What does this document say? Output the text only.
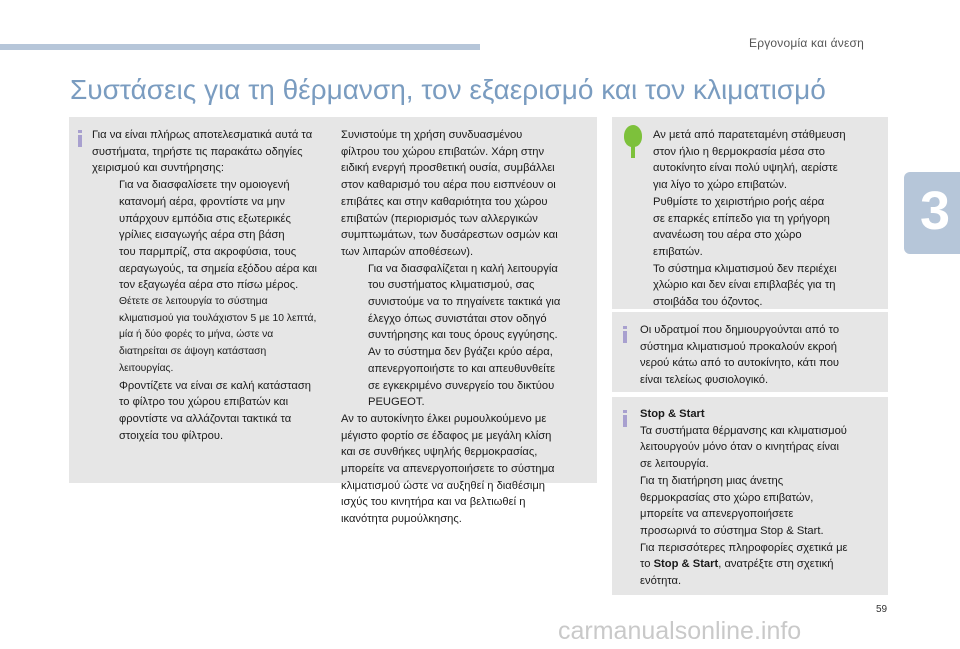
Εργονομία και άνεση
Συστάσεις για τη θέρμανση, τον εξαερισμό και τον κλιματισμό
3

Για να είναι πλήρως αποτελεσματικά αυτά τα

συστήματα, τηρήστε τις παρακάτω οδηγίες

χειρισμού και συντήρησης:

Για να διασφαλίσετε την ομοιογενή

κατανομή αέρα, φροντίστε να μην

υπάρχουν εμπόδια στις εξωτερικές

γρίλιες εισαγωγής αέρα στη βάση

του παρμπρίζ, στα ακροφύσια, τους

αεραγωγούς, τα σημεία εξόδου αέρα και

τον εξαγωγέα αέρα στο πίσω μέρος.

Θέτετε σε λειτουργία το σύστημα

κλιματισμού για τουλάχιστον 5 με 10 λεπτά,

μία ή δύο φορές το μήνα, ώστε να

διατηρείται σε άψογη κατάσταση

λειτουργίας.

Φροντίζετε να είναι σε καλή κατάσταση

το φίλτρο του χώρου επιβατών και

φροντίστε να αλλάζονται τακτικά τα

στοιχεία του φίλτρου.

Συνιστούμε τη χρήση συνδυασμένου

φίλτρου του χώρου επιβατών. Χάρη στην

ειδική ενεργή προσθετική ουσία, συμβάλλει

στον καθαρισμό του αέρα που εισπνέουν οι

επιβάτες και στην καθαριότητα του χώρου

επιβατών (περιορισμός των αλλεργικών

συμπτωμάτων, των δυσάρεστων οσμών και

των λιπαρών αποθέσεων).

Για να διασφαλίζεται η καλή λειτουργία

του συστήματος κλιματισμού, σας

συνιστούμε να το πηγαίνετε τακτικά για

έλεγχο όπως συνιστάται στον οδηγό

συντήρησης και τους όρους εγγύησης.

Αν το σύστημα δεν βγάζει κρύο αέρα,

απενεργοποιήστε το και απευθυνθείτε

σε εγκεκριμένο συνεργείο του δικτύου

PEUGEOT.

Αν το αυτοκίνητο έλκει ρυμουλκούμενο με

μέγιστο φορτίο σε έδαφος με μεγάλη κλίση

και σε συνθήκες υψηλής θερμοκρασίας,

μπορείτε να απενεργοποιήσετε το σύστημα

κλιματισμού ώστε να αυξηθεί η διαθέσιμη

ισχύς του κινητήρα και να βελτιωθεί η

ικανότητα ρυμούλκησης.

Αν μετά από παρατεταμένη στάθμευση

στον ήλιο η θερμοκρασία μέσα στο

αυτοκίνητο είναι πολύ υψηλή, αερίστε

για λίγο το χώρο επιβατών.

Ρυθμίστε το χειριστήριο ροής αέρα

σε επαρκές επίπεδο για τη γρήγορη

ανανέωση του αέρα στο χώρο

επιβατών.

Το σύστημα κλιματισμού δεν περιέχει

χλώριο και δεν είναι επιβλαβές για τη

στοιβάδα του όζοντος.

Οι υδρατμοί που δημιουργούνται από το

σύστημα κλιματισμού προκαλούν εκροή

νερού κάτω από το αυτοκίνητο, κάτι που

είναι τελείως φυσιολογικό.

Stop & Start

Τα συστήματα θέρμανσης και κλιματισμού

λειτουργούν μόνο όταν ο κινητήρας είναι

σε λειτουργία.

Για τη διατήρηση μιας άνετης

θερμοκρασίας στο χώρο επιβατών,

μπορείτε να απενεργοποιήσετε

προσωρινά το σύστημα Stop & Start.

Για περισσότερες πληροφορίες σχετικά με

το Stop & Start, ανατρέξτε στη σχετική

ενότητα.

59
carmanualsonline.info
